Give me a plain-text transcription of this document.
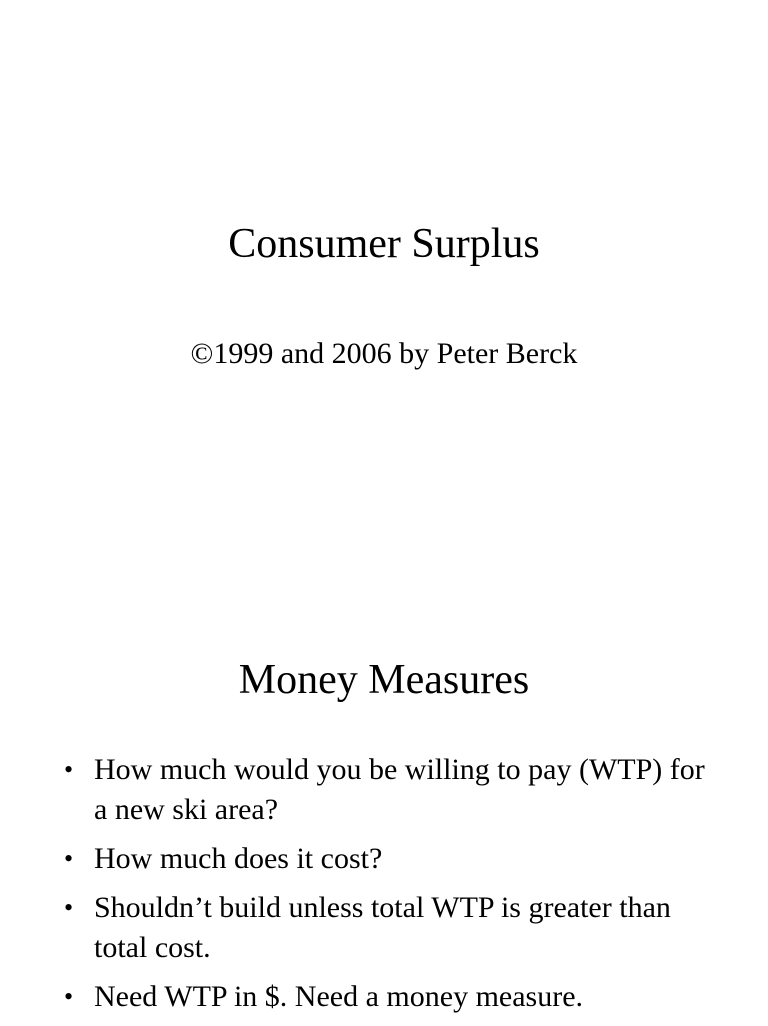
Consumer Surplus

©1999 and 2006 by Peter Berck

Money Measures
• How much would you be willing to pay (WTP) for a new ski area?
• How much does it cost?
• Shouldn’t build unless total WTP is greater than total cost.
• Need WTP in $. Need a money measure.
